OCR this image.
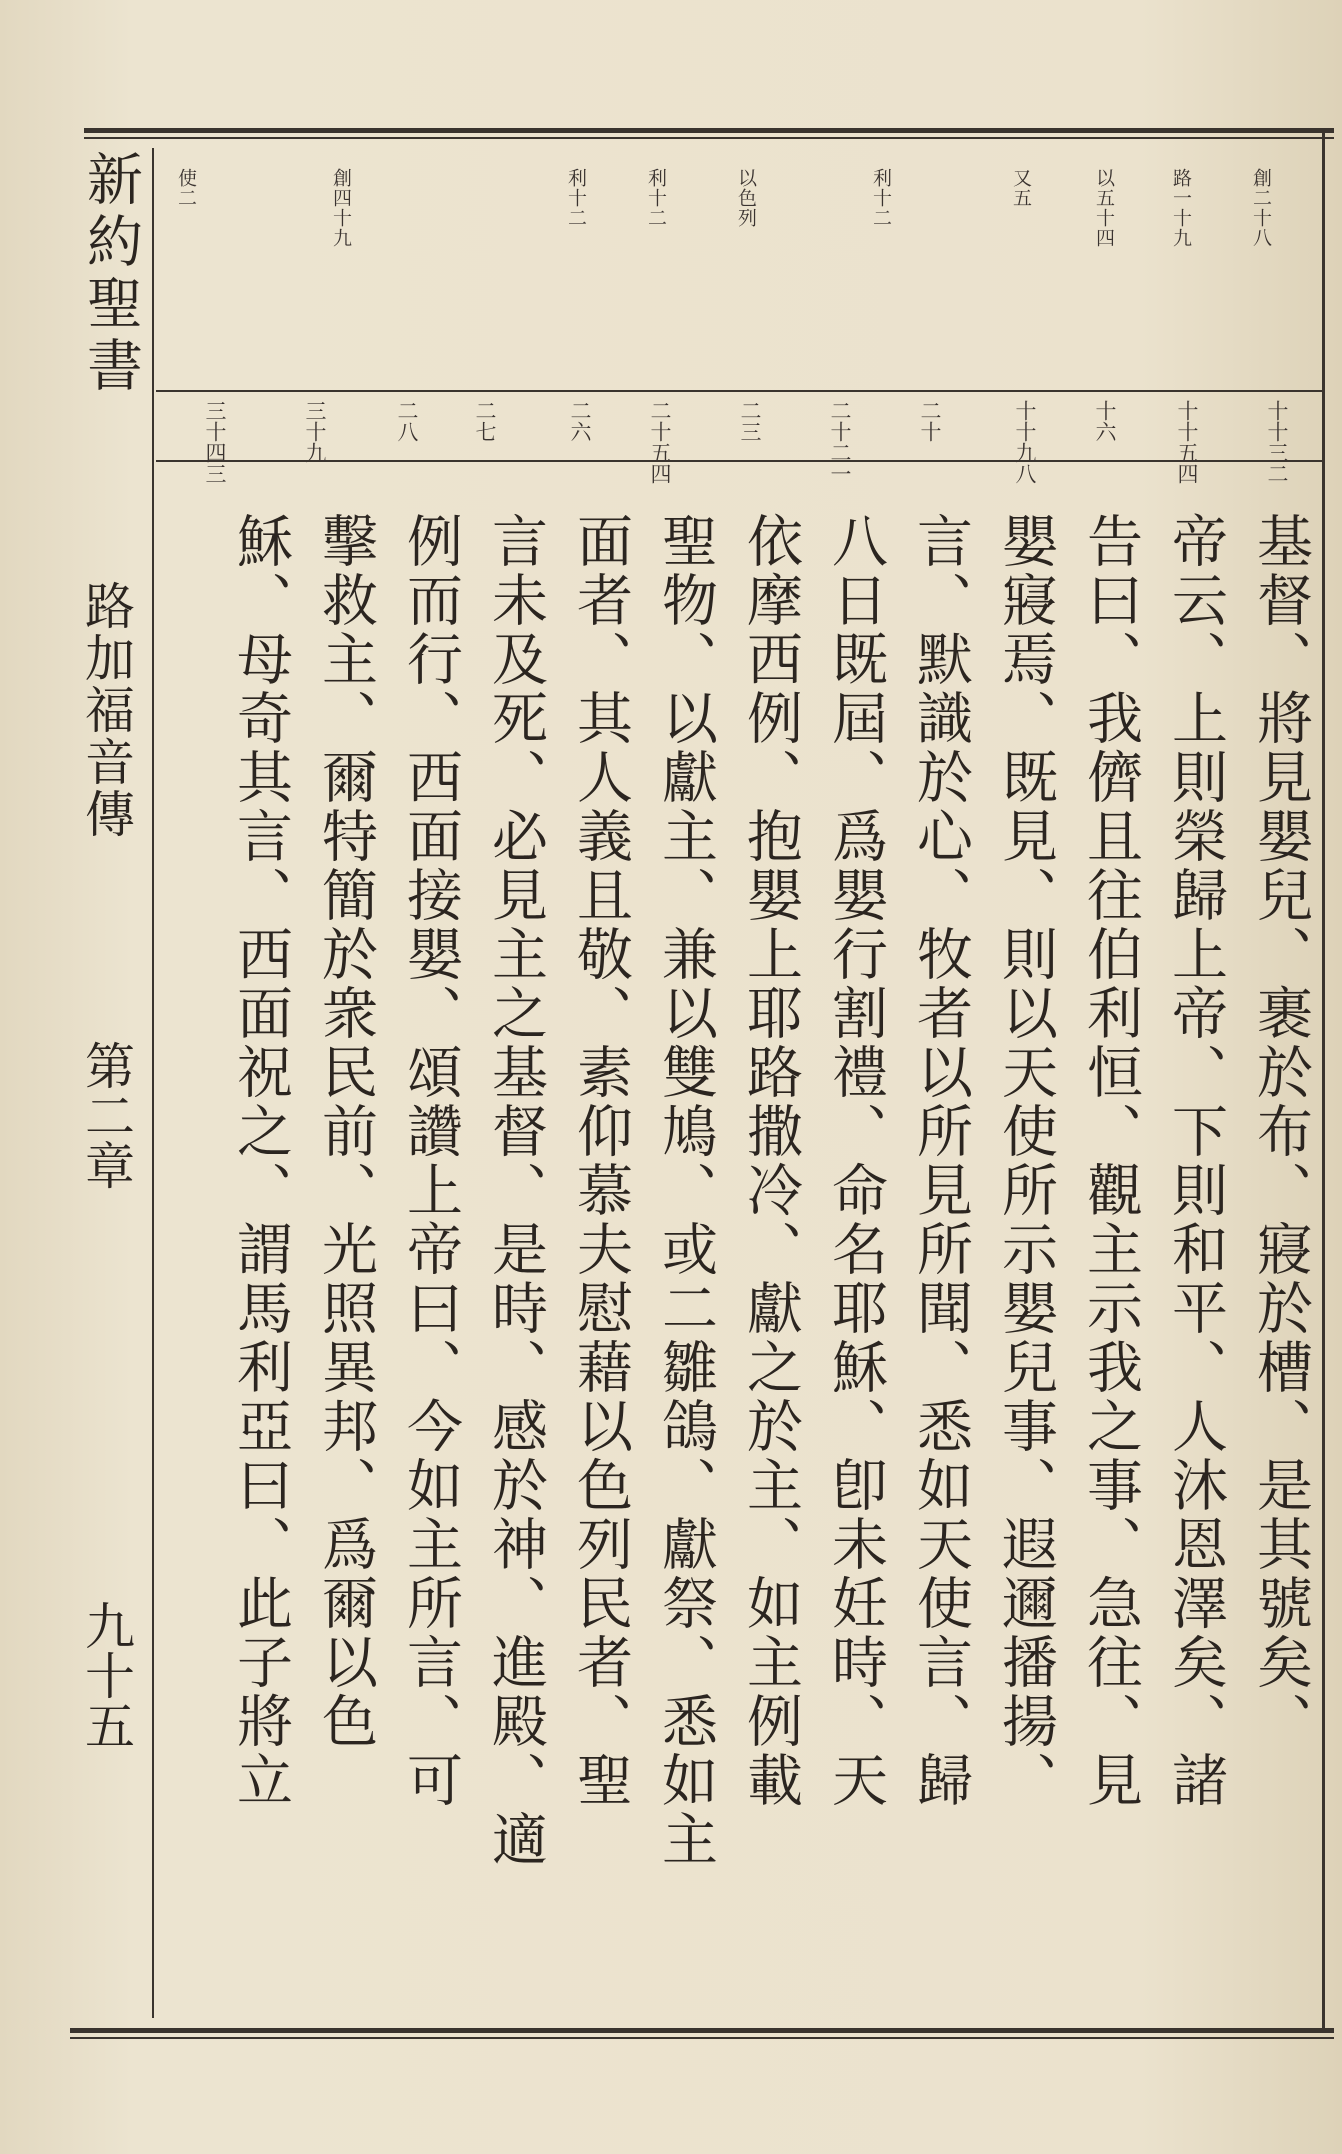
新約聖書
路加福音傳
第二章
九十五
創二十八
路一十九
以五十四
又五
利十二
以色列
利十二
利十二
創四十九
使二
十十三二
十十五四
十六
十十九八
二十
二十二一
二三
二十五四
二六
二七
二八
三十九
三十四三
基督、將見嬰兒、裹於布、寢於槽、是其號矣、
帝云、上則榮歸上帝、下則和平、人沐恩澤矣、諸
告曰、我儕且往伯利恒、觀主示我之事、急往、見
嬰寢焉、既見、則以天使所示嬰兒事、遐邇播揚、
言、默識於心、牧者以所見所聞、悉如天使言、歸
八日既屆、爲嬰行割禮、命名耶穌、卽未妊時、天
依摩西例、抱嬰上耶路撒冷、獻之於主、如主例載
聖物、以獻主、兼以雙鳩、或二雛鴿、獻祭、悉如主
面者、其人義且敬、素仰慕夫慰藉以色列民者、聖
言未及死、必見主之基督、是時、感於神、進殿、適
例而行、西面接嬰、頌讚上帝曰、今如主所言、可
擊救主、爾特簡於衆民前、光照異邦、爲爾以色
穌、母奇其言、西面祝之、謂馬利亞曰、此子將立
